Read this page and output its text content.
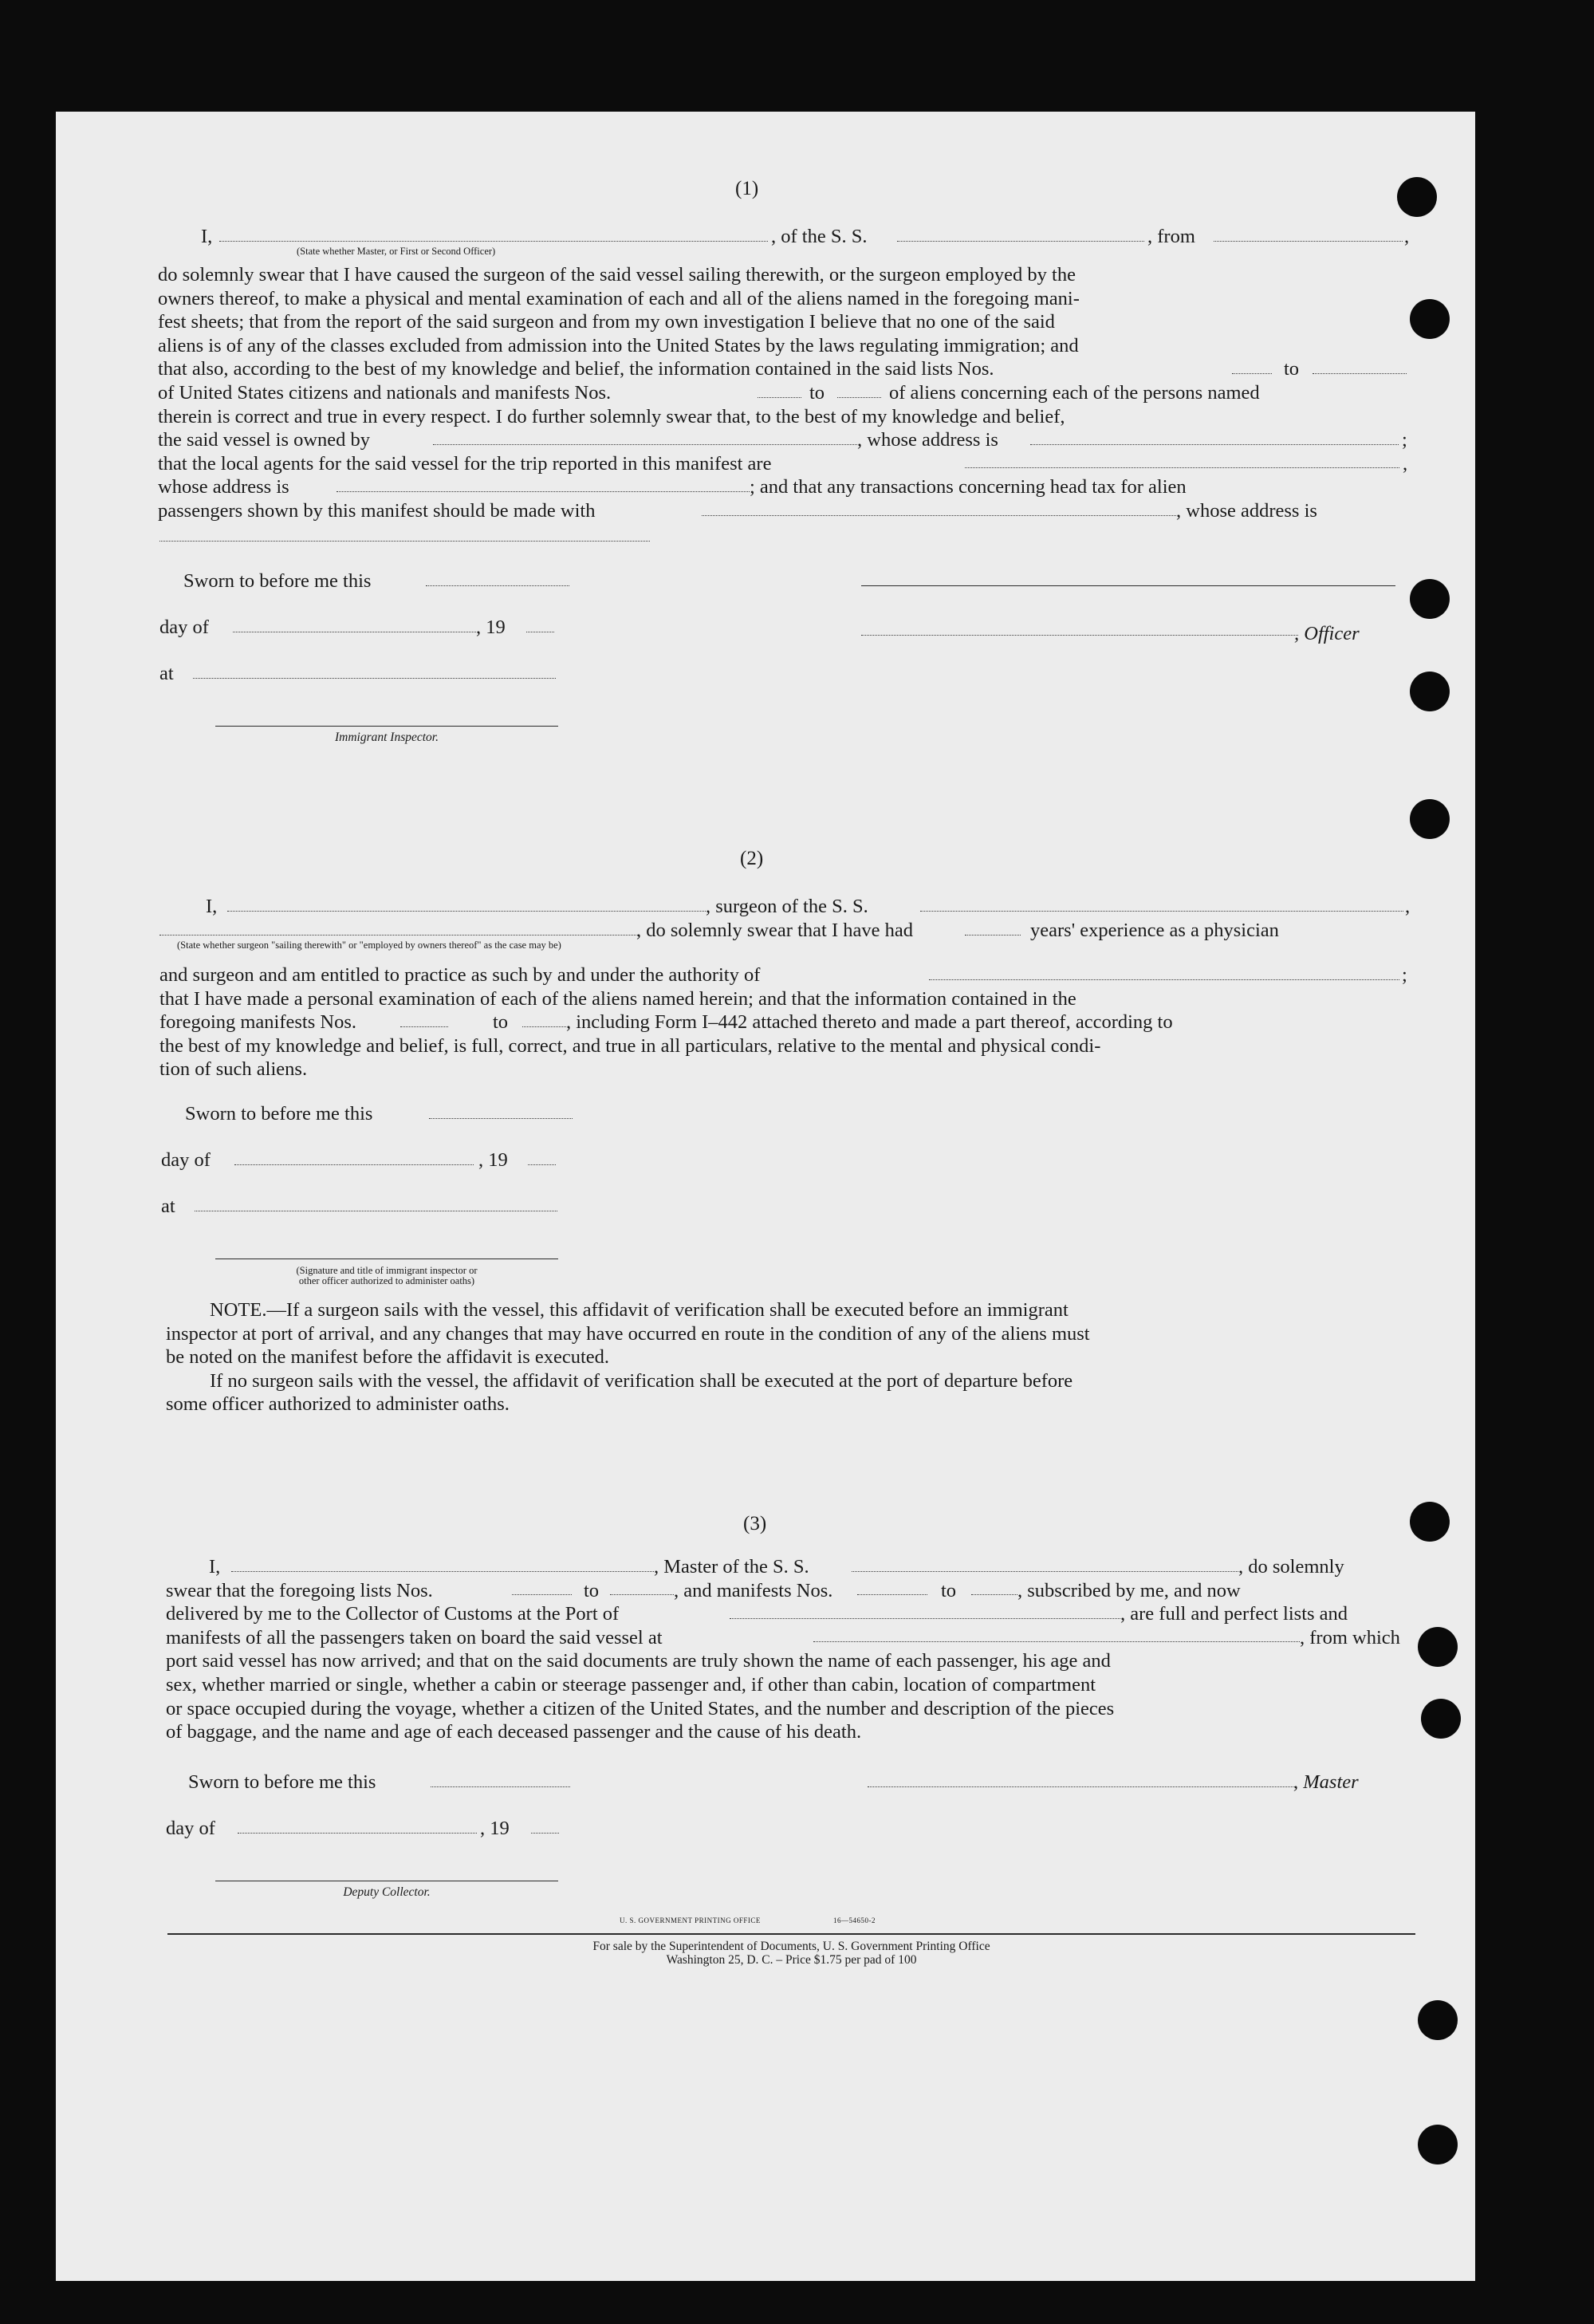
(1)

I,	, of the S. S.	, from	,

(State whether Master, or First or Second Officer)

do solemnly swear that I have caused the surgeon of the said vessel sailing therewith, or the surgeon employed by the

owners thereof, to make a physical and mental examination of each and all of the aliens named in the foregoing mani-

fest sheets; that from the report of the said surgeon and from my own investigation I believe that no one of the said

aliens is of any of the classes excluded from admission into the United States by the laws regulating immigration; and

that also, according to the best of my knowledge and belief, the information contained in the said lists Nos.	to

of United States citizens and nationals and manifests Nos.	to	of aliens concerning each of the persons named

therein is correct and true in every respect. I do further solemnly swear that, to the best of my knowledge and belief,

the said vessel is owned by	, whose address is	;

that the local agents for the said vessel for the trip reported in this manifest are	,

whose address is	; and that any transactions concerning head tax for alien

passengers shown by this manifest should be made with	, whose address is

Sworn to before me this

day of	, 19	, Officer

at

Immigrant Inspector.

(2)

I,	, surgeon of the S. S.	,

, do solemnly swear that I have had	years' experience as a physician

(State whether surgeon "sailing therewith" or "employed by owners thereof" as the case may be)

and surgeon and am entitled to practice as such by and under the authority of	;

that I have made a personal examination of each of the aliens named herein; and that the information contained in the

foregoing manifests Nos.	to	, including Form I–442 attached thereto and made a part thereof, according to

the best of my knowledge and belief, is full, correct, and true in all particulars, relative to the mental and physical condi-

tion of such aliens.

Sworn to before me this

day of	, 19

at

(Signature and title of immigrant inspector or

other officer authorized to administer oaths)

NOTE.—If a surgeon sails with the vessel, this affidavit of verification shall be executed before an immigrant

inspector at port of arrival, and any changes that may have occurred en route in the condition of any of the aliens must

be noted on the manifest before the affidavit is executed.

If no surgeon sails with the vessel, the affidavit of verification shall be executed at the port of departure before

some officer authorized to administer oaths.

(3)

I,	, Master of the S. S.	, do solemnly

swear that the foregoing lists Nos.	to	, and manifests Nos.	to	, subscribed by me, and now

delivered by me to the Collector of Customs at the Port of	, are full and perfect lists and

manifests of all the passengers taken on board the said vessel at	, from which

port said vessel has now arrived; and that on the said documents are truly shown the name of each passenger, his age and

sex, whether married or single, whether a cabin or steerage passenger and, if other than cabin, location of compartment

or space occupied during the voyage, whether a citizen of the United States, and the number and description of the pieces

of baggage, and the name and age of each deceased passenger and the cause of his death.

Sworn to before me this	, Master

day of	, 19

Deputy Collector.

U. S. GOVERNMENT PRINTING OFFICE	16—54650-2

For sale by the Superintendent of Documents, U. S. Government Printing Office

Washington 25, D. C. – Price $1.75 per pad of 100
